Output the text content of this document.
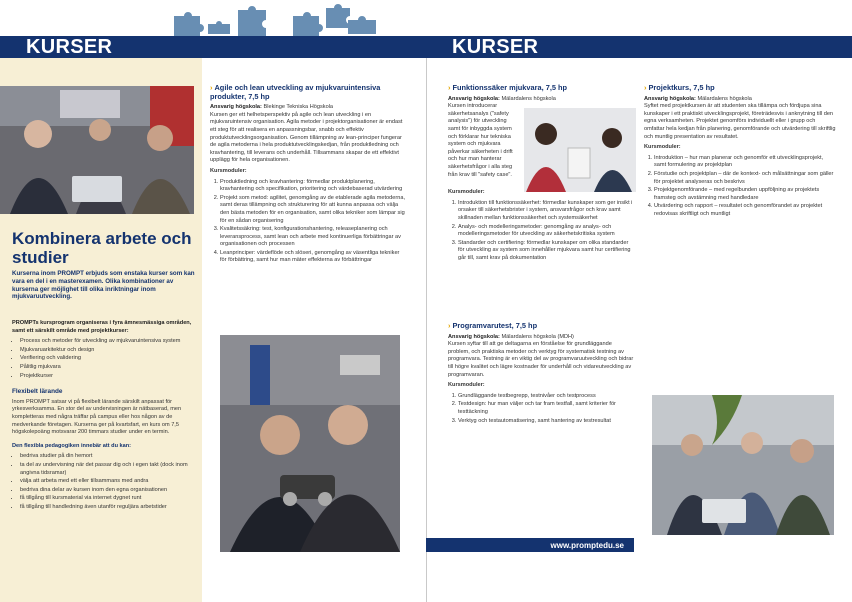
KURSER	KURSER
Kombinera arbete och studier
Kurserna inom PROMPT erbjuds som enstaka kurser som kan vara en del i en masterexamen. Olika kombinationer av kurserna ger möjlighet till olika inriktningar inom mjukvaruutveckling.

PROMPTs kursprogram organiseras i fyra ämnesmässiga områden, samt ett särskilt område med projektkurser:

• Process och metoder för utveckling av mjukvaruintensiva system
• Mjukvaruarkitektur och design
• Verifiering och validering
• Pålitlig mjukvara
• Projektkurser

Flexibelt lärande

Inom PROMPT satsar vi på flexibelt lärande särskilt anpassat för yrkesverksamma. En stor del av undervisningen är nätbaserad, men kompletteras med några träffar på campus eller hos någon av de medverkande företagen. Kurserna ger på kvartsfart, en kurs om 7,5 högskolepoäng motsvarar 200 timmars studier under en termin.

Den flexibla pedagogiken innebär att du kan:

• bedriva studier på din hemort
• ta del av undervisning när det passar dig och i egen takt (dock inom angivna tidsramar)
• välja att arbeta med ett eller tillsammans med andra
• bedriva dina delar av kursen inom den egna organisationen
• få tillgång till kursmaterial via internet dygnet runt
• få tillgång till handledning även utanför reguljära arbetstider

› Agile och lean utveckling av mjukvaruintensiva produkter, 7,5 hp

Ansvarig högskola: Blekinge Tekniska Högskola

Kursen ger ett helhetsperspektiv på agile och lean utveckling i en mjukvaruintensiv organisation. Agila metoder i projektorganisationer är endast ett steg för att realisera en anpassningsbar, snabb och effektiv produktutvecklingsorganisation. Genom tillämpning av lean-principer fungerar de agila metoderna i hela produktutvecklingskedjan, från produktledning och kravhantering, till leverans och underhåll. Tillsammans skapar de ett effektivt upplägg för hela organisationen.

Kursmoduler:

1. Produktledning och kravhantering: förmedlar produktplanering, kravhantering och specifikation, prioritering och värdebaserad utvärdering
2. Projekt som metod: agilitet, genomgång av de etablerade agila metoderna, samt deras tillämpning och strukturering för att kunna anpassa och välja den bästa metoden för en organisation, samt olika tekniker som lämpar sig för en sådan organisering
3. Kvalitetssäkring: test, konfigurationshantering, releaseplanering och leveransprocess, samt lean och arbete med kontinuerliga förbättringar av organisationen och processen
4. Leanprinciper: värdeflöde och slöseri, genomgång av väsentliga tekniker för förbättring, samt hur man mäter effekterna av förbättringar

› Funktionssäker mjukvara, 7,5 hp

Ansvarig högskola: Mälardalens högskola

Kursen introducerar säkerhetsanalys ("safety analysis") för utveckling samt för inbyggda system och förklarar hur tekniska system och mjukvara påverkar säkerheten i drift och hur man hanterar säkerhetsfrågor i alla steg från krav till "safety case".

Kursmoduler:

1. Introduktion till funktionssäkerhet: förmedlar kunskaper som ger insikt i orsaker till säkerhetsbrister i system, ansvarsfrågor och krav samt skillnaden mellan funktionssäkerhet och systemsäkerhet
2. Analys- och modelleringsmetoder: genomgång av analys- och modelleringsmetoder för utveckling av säkerhetskritiska system
3. Standarder och certifiering: förmedlar kunskaper om olika standarder för utveckling av system som innehåller mjukvara samt hur certifiering går till, samt krav på dokumentation

› Programvarutest, 7,5 hp

Ansvarig högskola: Mälardalens högskola (MDH)

Kursen syftar till att ge deltagarna en förståelse för grundläggande problem, och praktiska metoder och verktyg för systematisk testning av programvara. Testning är en viktig del av programvaruutveckling och bidrar till högre kvalitet och lägre kostnader för underhåll och vidareutveckling av programvaran.

Kursmoduler:

1. Grundläggande testbegrepp, testnivåer och testprocess
2. Testdesign: hur man väljer och tar fram testfall, samt kriterier för testtäckning
3. Verktyg och testautomatisering, samt hantering av testresultat

› Projektkurs, 7,5 hp

Ansvarig högskola: Mälardalens högskola

Syftet med projektkursen är att studenten ska tillämpa och fördjupa sina kunskaper i ett praktiskt utvecklingsprojekt, företrädesvis i anknytning till den egna verksamheten. Projektet genomförs individuellt eller i grupp och omfattar hela kedjan från planering, genomförande och utvärdering till skriftlig och muntlig presentation av resultatet.

Kursmoduler:

1. Introduktion – hur man planerar och genomför ett utvecklingsprojekt, samt formulering av projektplan
2. Förstudie och projektplan – där de kontext- och målsättningar som gäller för projektet analyseras och beskrivs
3. Projektgenomförande – med regelbunden uppföljning av projektets framsteg och avstämning med handledare
4. Utvärdering och rapport – resultatet och genomförandet av projektet redovisas skriftligt och muntligt
www.promptedu.se
